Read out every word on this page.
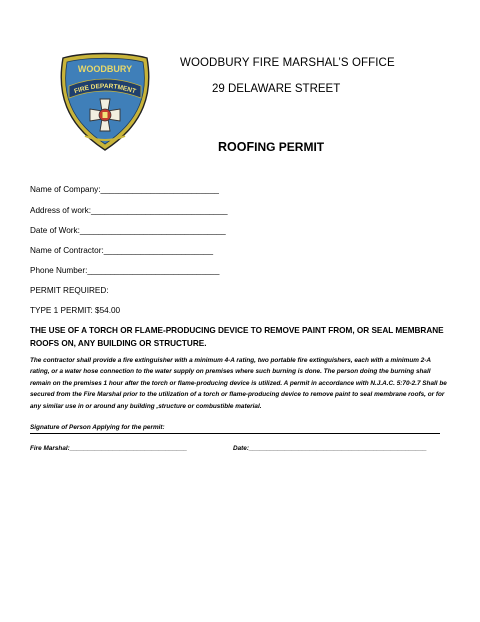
WOODBURY
FIRE DEPARTMENT
WOODBURY FIRE MARSHAL’S OFFICE
29 DELAWARE STREET
ROOFING PERMIT
Name of Company:__________________________
Address of work:______________________________
Date of Work:________________________________
Name of Contractor:________________________
Phone Number:_____________________________
PERMIT REQUIRED:
TYPE 1 PERMIT: $54.00
THE USE OF A TORCH OR FLAME-PRODUCING DEVICE TO REMOVE PAINT FROM, OR SEAL MEMBRANE ROOFS ON, ANY BUILDING OR STRUCTURE.
The contractor shall provide a fire extinguisher with a minimum 4-A rating, two portable fire extinguishers, each with a minimum 2-A rating, or a water hose connection to the water supply on premises where such burning is done. The person doing the burning shall remain on the premises 1 hour after the torch or flame-producing device is utilized. A permit in accordance with N.J.A.C. 5:70-2.7 Shall be secured from the Fire Marshal prior to the utilization of a torch or flame-producing device to remove paint to seal membrane roofs, or for any similar use in or around any building ,structure or combustible material.
Signature of Person Applying for the permit:
Fire Marshal:_________________________________	Date:__________________________________________________
